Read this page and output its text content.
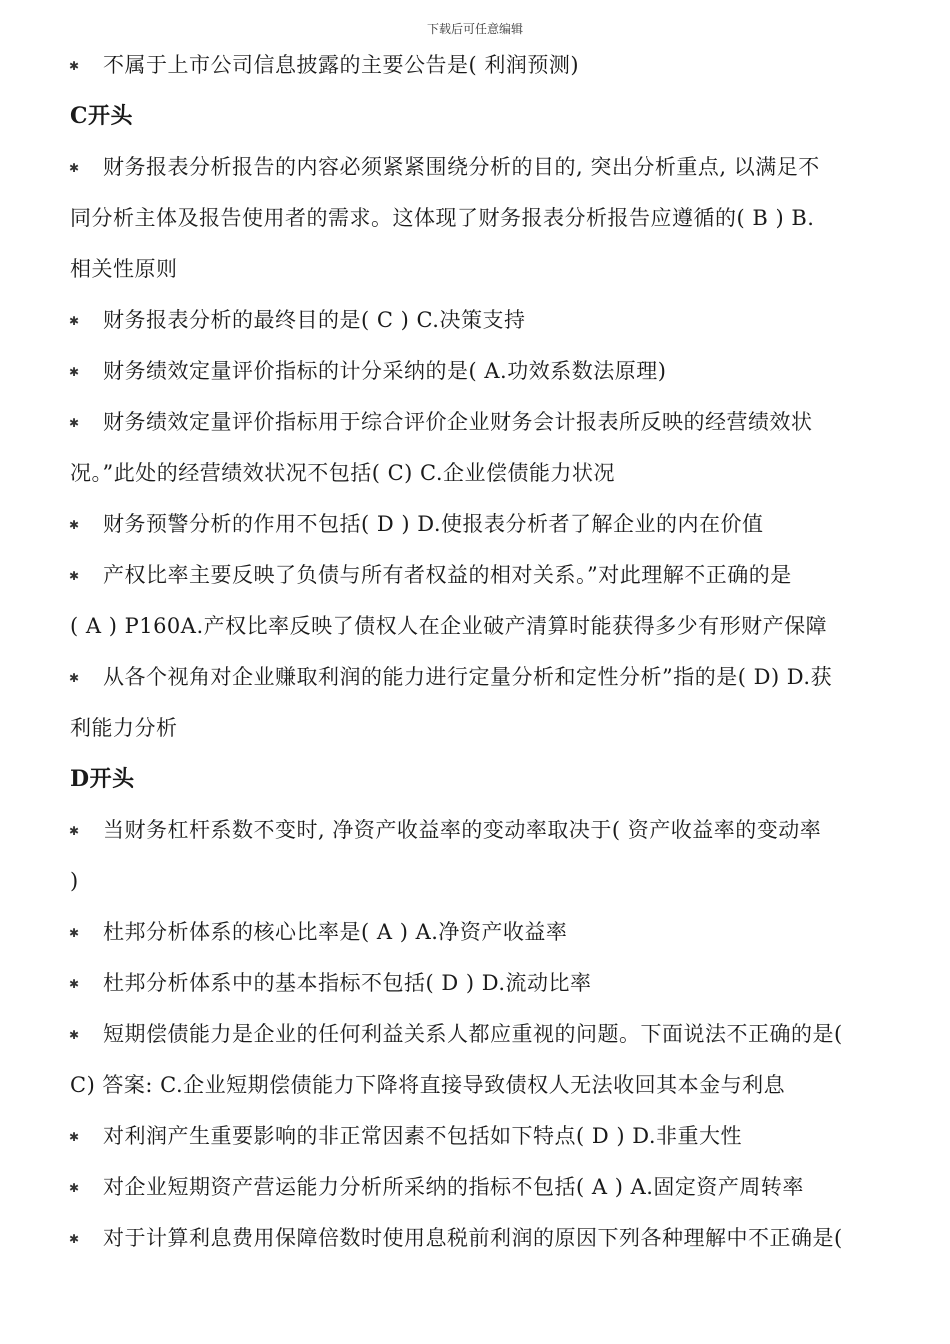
下载后可任意编辑
✱ 不属于上市公司信息披露的主要公告是( 利润预测)
C开头
✱ 财务报表分析报告的内容必须紧紧围绕分析的目的, 突出分析重点, 以满足不
同分析主体及报告使用者的需求。这体现了财务报表分析报告应遵循的( B ) B.
相关性原则
✱ 财务报表分析的最终目的是( C ) C.决策支持
✱ 财务绩效定量评价指标的计分采纳的是( A.功效系数法原理)
✱ 财务绩效定量评价指标用于综合评价企业财务会计报表所反映的经营绩效状
况。”此处的经营绩效状况不包括( C) C.企业偿债能力状况
✱ 财务预警分析的作用不包括( D ) D.使报表分析者了解企业的内在价值
✱ 产权比率主要反映了负债与所有者权益的相对关系。”对此理解不正确的是
( A ) P160A.产权比率反映了债权人在企业破产清算时能获得多少有形财产保障
✱ 从各个视角对企业赚取利润的能力进行定量分析和定性分析”指的是( D) D.获
利能力分析
D开头
✱ 当财务杠杆系数不变时, 净资产收益率的变动率取决于( 资产收益率的变动率
)
✱ 杜邦分析体系的核心比率是( A ) A.净资产收益率
✱ 杜邦分析体系中的基本指标不包括( D ) D.流动比率
✱ 短期偿债能力是企业的任何利益关系人都应重视的问题。下面说法不正确的是(
C) 答案: C.企业短期偿债能力下降将直接导致债权人无法收回其本金与利息
✱ 对利润产生重要影响的非正常因素不包括如下特点( D ) D.非重大性
✱ 对企业短期资产营运能力分析所采纳的指标不包括( A ) A.固定资产周转率
✱ 对于计算利息费用保障倍数时使用息税前利润的原因下列各种理解中不正确是(
